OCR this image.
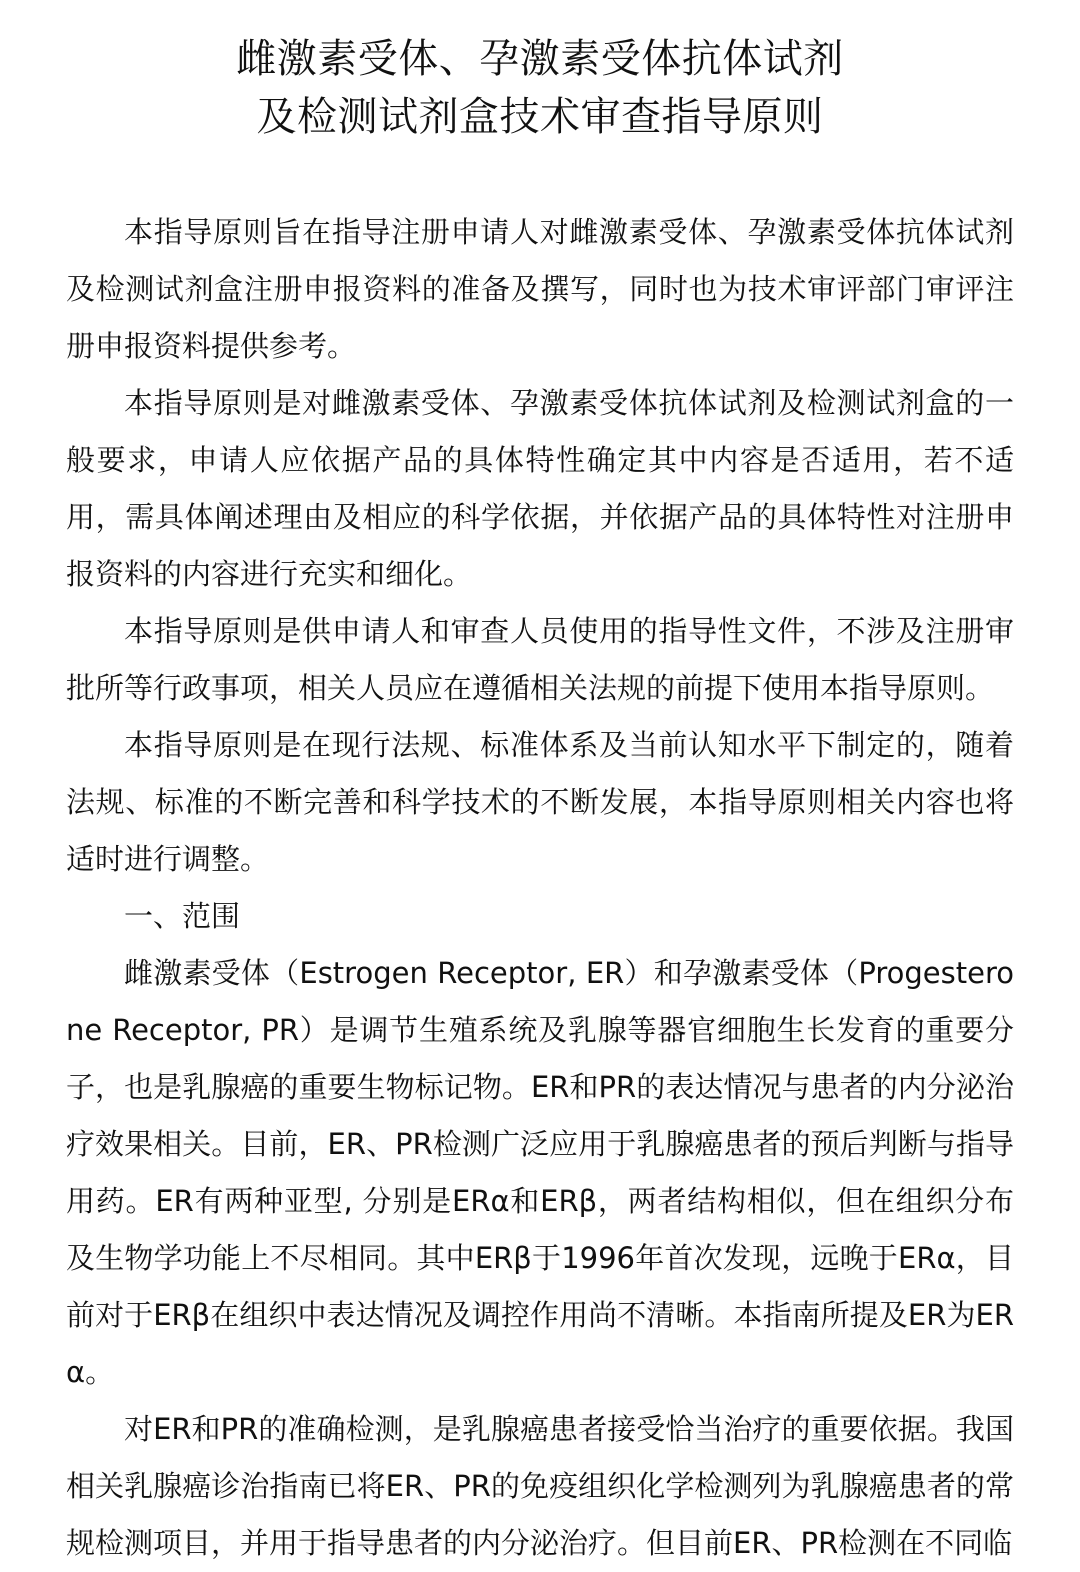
雌激素受体、孕激素受体抗体试剂
及检测试剂盒技术审查指导原则

本指导原则旨在指导注册申请人对雌激素受体、孕激素受体抗体试剂及检测试剂盒注册申报资料的准备及撰写，同时也为技术审评部门审评注册申报资料提供参考。

本指导原则是对雌激素受体、孕激素受体抗体试剂及检测试剂盒的一般要求，申请人应依据产品的具体特性确定其中内容是否适用，若不适用，需具体阐述理由及相应的科学依据，并依据产品的具体特性对注册申报资料的内容进行充实和细化。

本指导原则是供申请人和审查人员使用的指导性文件，不涉及注册审批所等行政事项，相关人员应在遵循相关法规的前提下使用本指导原则。

本指导原则是在现行法规、标准体系及当前认知水平下制定的，随着法规、标准的不断完善和科学技术的不断发展，本指导原则相关内容也将适时进行调整。

一、范围

雌激素受体（Estrogen Receptor, ER）和孕激素受体（Progesterone Receptor, PR）是调节生殖系统及乳腺等器官细胞生长发育的重要分子，也是乳腺癌的重要生物标记物。ER和PR的表达情况与患者的内分泌治疗效果相关。目前，ER、PR检测广泛应用于乳腺癌患者的预后判断与指导用药。ER有两种亚型, 分别是ERα和ERβ，两者结构相似，但在组织分布及生物学功能上不尽相同。其中ERβ于1996年首次发现，远晚于ERα，目前对于ERβ在组织中表达情况及调控作用尚不清晰。本指南所提及ER为ERα。

对ER和PR的准确检测，是乳腺癌患者接受恰当治疗的重要依据。我国相关乳腺癌诊治指南已将ER、PR的免疫组织化学检测列为乳腺癌患者的常规检测项目，并用于指导患者的内分泌治疗。但目前ER、PR检测在不同临
